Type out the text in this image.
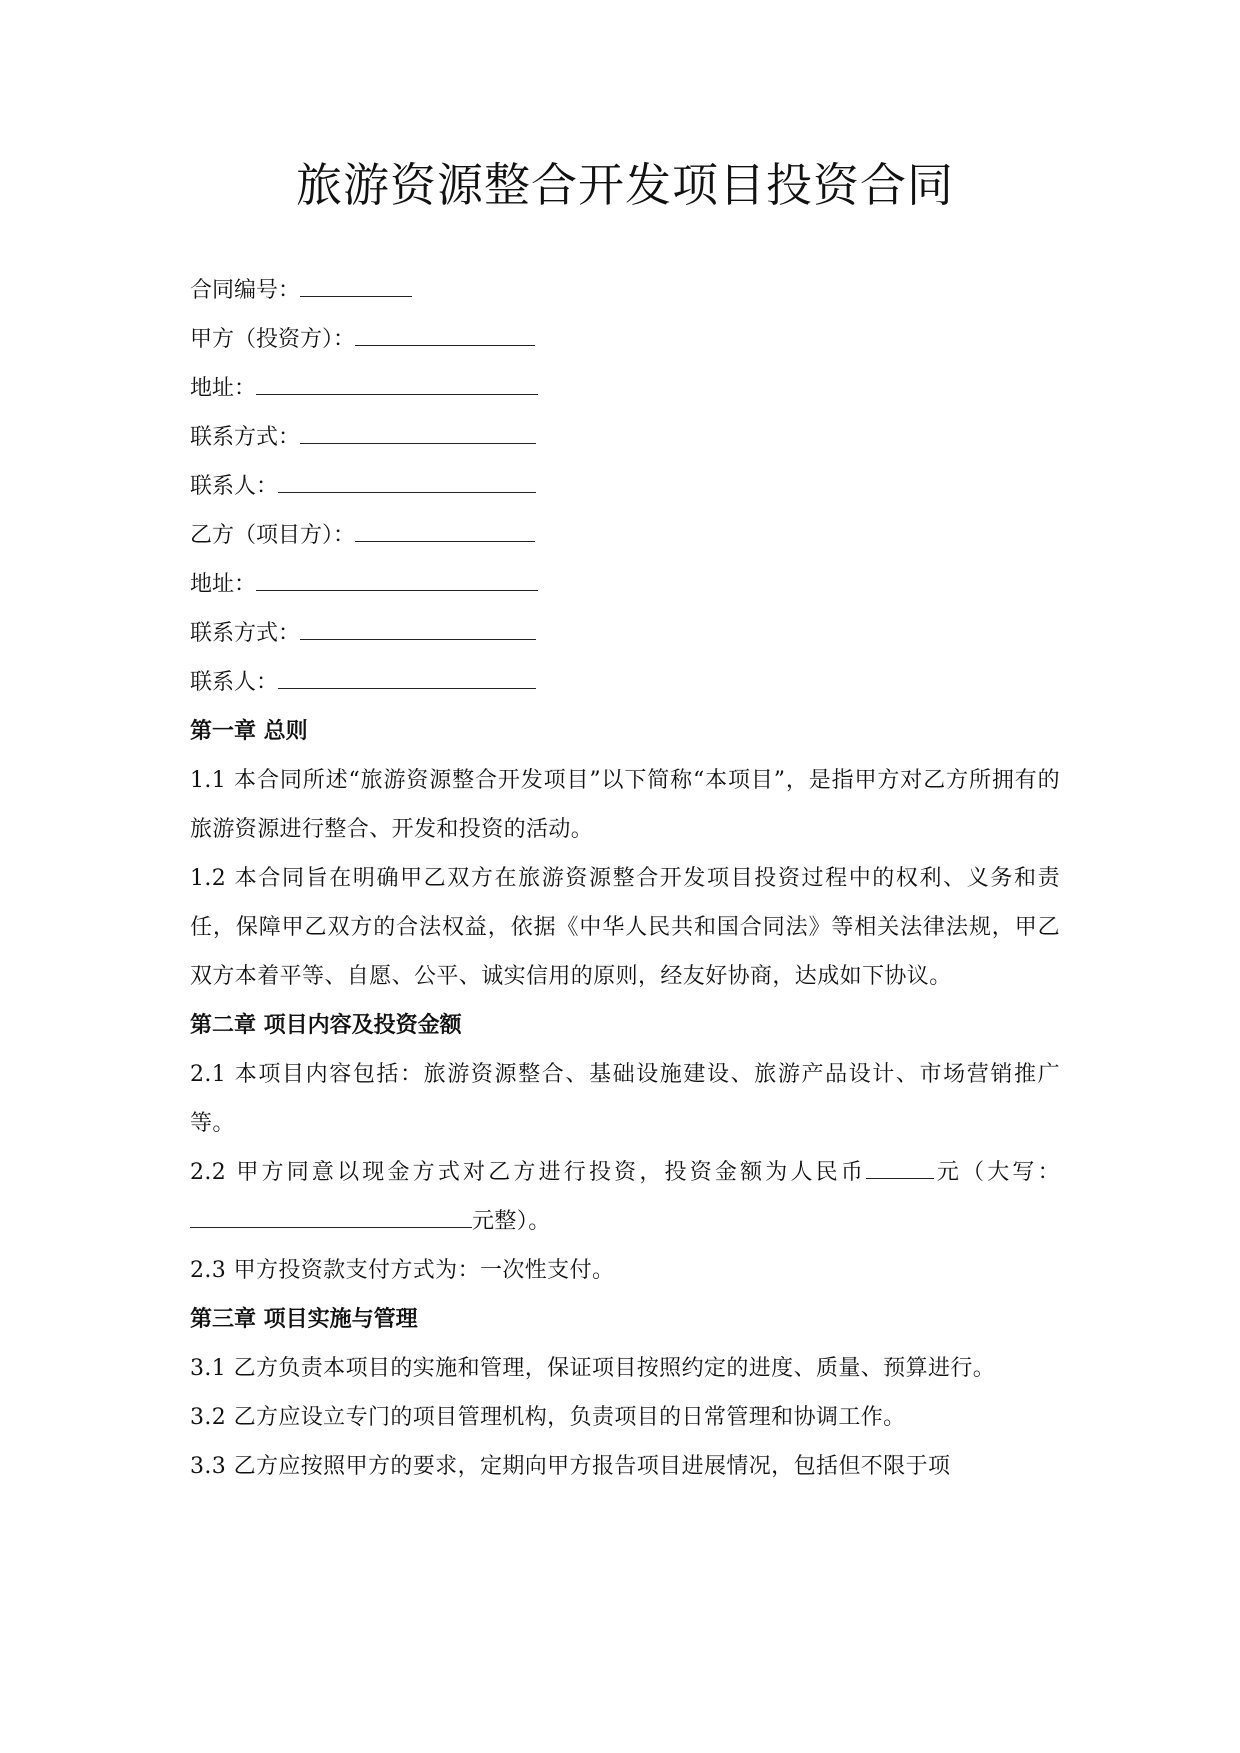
旅游资源整合开发项目投资合同
合同编号：
甲方（投资方）：
地址：
联系方式：
联系人：
乙方（项目方）：
地址：
联系方式：
联系人：
第一章 总则
1.1 本合同所述“旅游资源整合开发项目”以下简称“本项目”，是指甲方对乙方所拥有的旅游资源进行整合、开发和投资的活动。
1.2 本合同旨在明确甲乙双方在旅游资源整合开发项目投资过程中的权利、义务和责任，保障甲乙双方的合法权益，依据《中华人民共和国合同法》等相关法律法规，甲乙双方本着平等、自愿、公平、诚实信用的原则，经友好协商，达成如下协议。
第二章 项目内容及投资金额
2.1 本项目内容包括：旅游资源整合、基础设施建设、旅游产品设计、市场营销推广等。
2.2 甲方同意以现金方式对乙方进行投资，投资金额为人民币	元（大写：元整）。
2.3 甲方投资款支付方式为：一次性支付。
第三章 项目实施与管理
3.1 乙方负责本项目的实施和管理，保证项目按照约定的进度、质量、预算进行。
3.2 乙方应设立专门的项目管理机构，负责项目的日常管理和协调工作。
3.3 乙方应按照甲方的要求，定期向甲方报告项目进展情况，包括但不限于项
